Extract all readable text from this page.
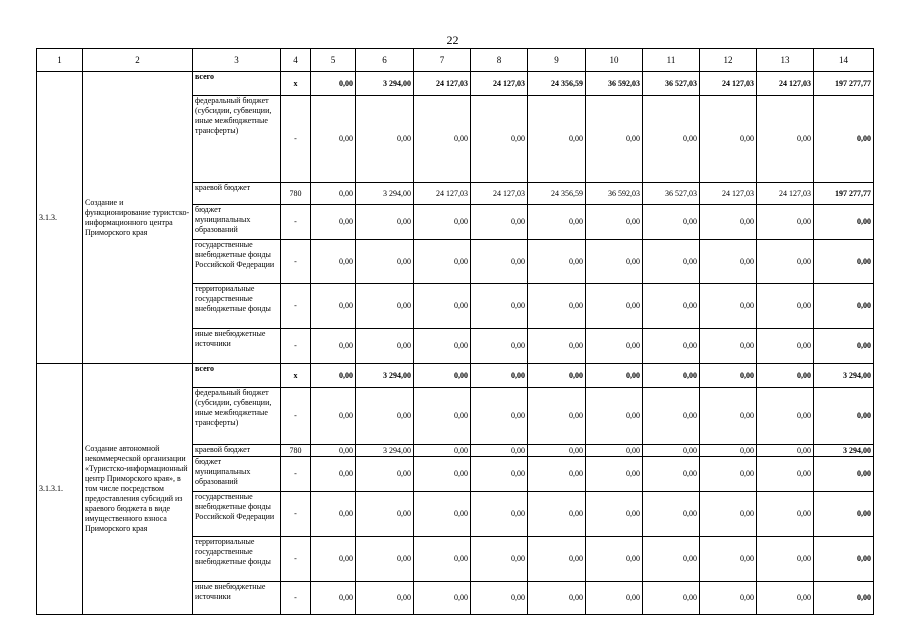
22
1	2	3	4	5	6	7	8	9	10	11	12	13	14
3.1.3.	Создание и функционирование туристско-информационного центра Приморского края	всего	х	0,00	3 294,00	24 127,03	24 127,03	24 356,59	36 592,03	36 527,03	24 127,03	24 127,03	197 277,77
		федеральный бюджет (субсидии, субвенции, иные межбюджетные трансферты)	-	0,00	0,00	0,00	0,00	0,00	0,00	0,00	0,00	0,00	0,00
		краевой бюджет	780	0,00	3 294,00	24 127,03	24 127,03	24 356,59	36 592,03	36 527,03	24 127,03	24 127,03	197 277,77
		бюджет муниципальных образований	-	0,00	0,00	0,00	0,00	0,00	0,00	0,00	0,00	0,00	0,00
		государственные внебюджетные фонды Российской Федерации	-	0,00	0,00	0,00	0,00	0,00	0,00	0,00	0,00	0,00	0,00
		территориальные государственные внебюджетные фонды	-	0,00	0,00	0,00	0,00	0,00	0,00	0,00	0,00	0,00	0,00
		иные внебюджетные источники	-	0,00	0,00	0,00	0,00	0,00	0,00	0,00	0,00	0,00	0,00
3.1.3.1.	Создание автономной некоммерческой организации «Туристско-информационный центр Приморского края», в том числе посредством предоставления субсидий из краевого бюджета в виде имущественного взноса Приморского края	всего	х	0,00	3 294,00	0,00	0,00	0,00	0,00	0,00	0,00	0,00	3 294,00
		федеральный бюджет (субсидии, субвенции, иные межбюджетные трансферты)	-	0,00	0,00	0,00	0,00	0,00	0,00	0,00	0,00	0,00	0,00
		краевой бюджет	780	0,00	3 294,00	0,00	0,00	0,00	0,00	0,00	0,00	0,00	3 294,00
		бюджет муниципальных образований	-	0,00	0,00	0,00	0,00	0,00	0,00	0,00	0,00	0,00	0,00
		государственные внебюджетные фонды Российской Федерации	-	0,00	0,00	0,00	0,00	0,00	0,00	0,00	0,00	0,00	0,00
		территориальные государственные внебюджетные фонды	-	0,00	0,00	0,00	0,00	0,00	0,00	0,00	0,00	0,00	0,00
		иные внебюджетные источники	-	0,00	0,00	0,00	0,00	0,00	0,00	0,00	0,00	0,00	0,00
